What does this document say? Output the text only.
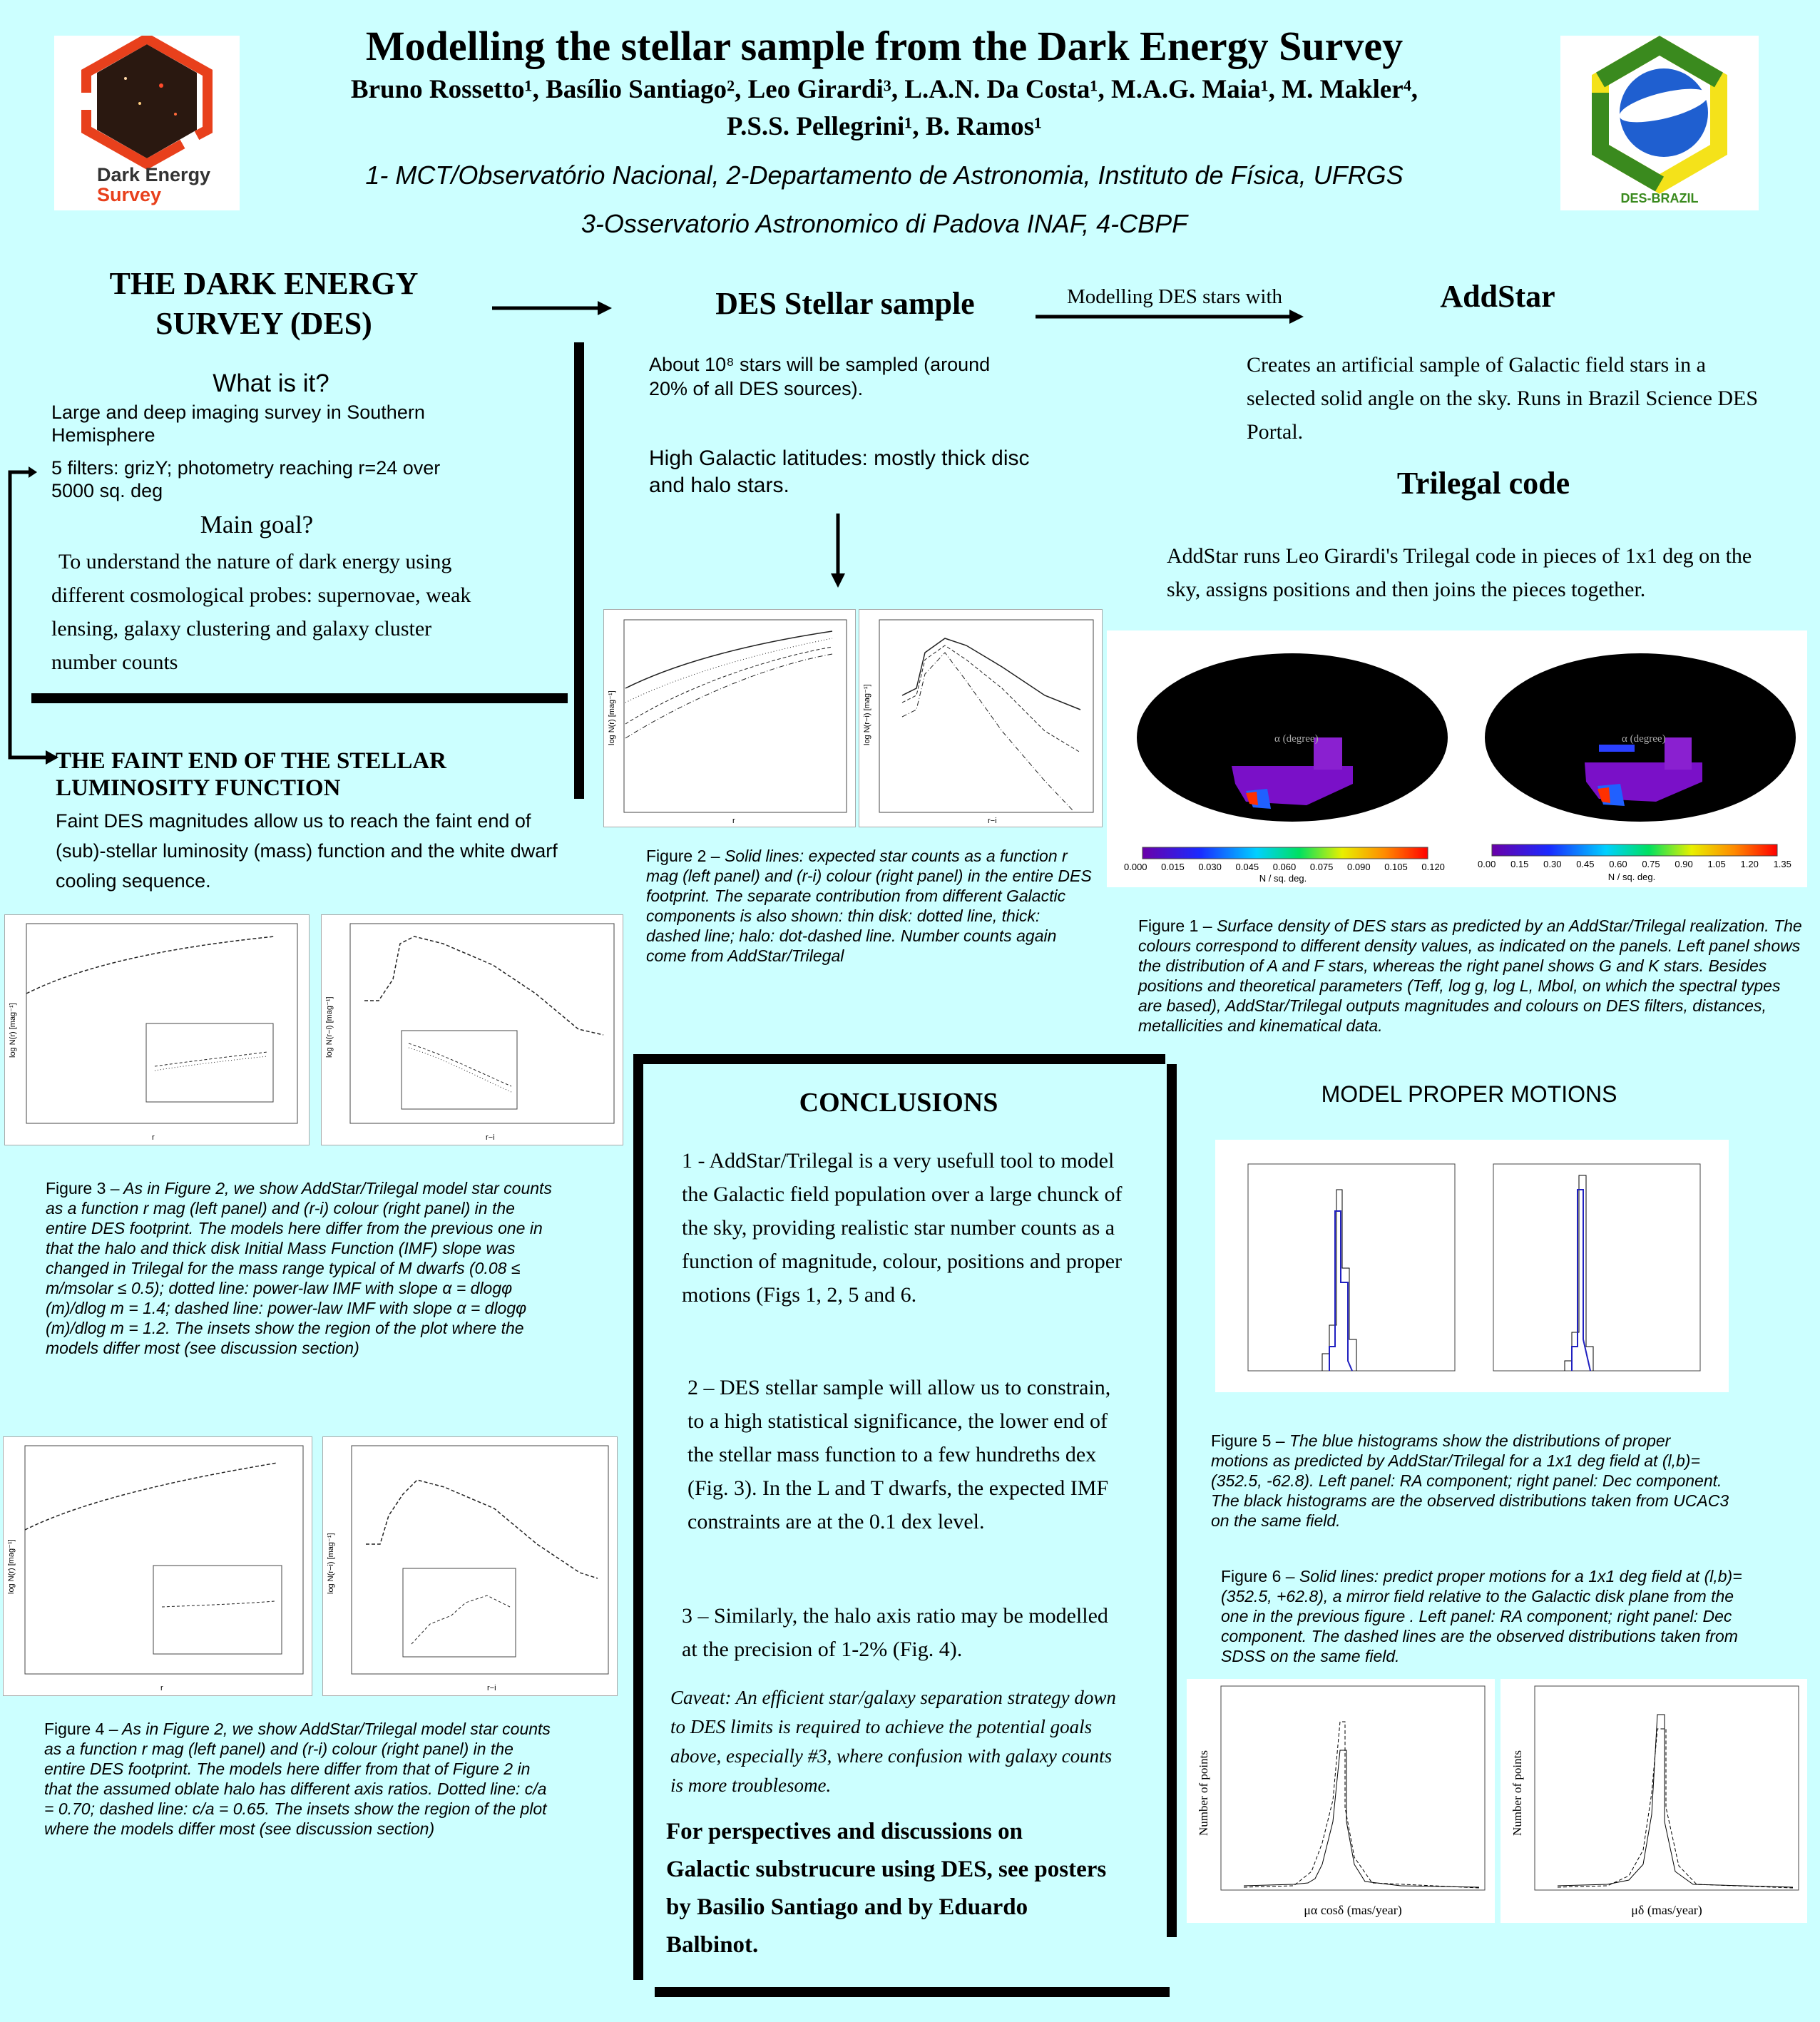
Modelling the stellar sample from the Dark Energy Survey
Bruno Rossetto¹, Basílio Santiago², Leo Girardi³, L.A.N. Da Costa¹, M.A.G. Maia¹, M. Makler⁴,
P.S.S. Pellegrini¹, B. Ramos¹
1- MCT/Observatório Nacional, 2-Departamento de Astronomia, Instituto de Física, UFRGS
3-Osservatorio Astronomico di Padova INAF, 4-CBPF
Dark Energy
Survey	DES-BRAZIL
THE DARK ENERGY SURVEY (DES)
What is it?
Large and deep imaging survey in Southern Hemisphere
5 filters: grizY; photometry reaching r=24 over 5000 sq. deg
Main goal?
To understand the nature of dark energy using different cosmological probes: supernovae, weak lensing, galaxy clustering and galaxy cluster number counts
THE FAINT END OF THE STELLAR LUMINOSITY FUNCTION
Faint DES magnitudes allow us to reach the faint end of (sub)-stellar luminosity (mass) function and the white dwarf cooling sequence.
log N(r) [mag⁻¹]
r
log N(r−i) [mag⁻¹]
r−i
Figure 3 – As in Figure 2, we show AddStar/Trilegal model star counts as a function r mag (left panel) and (r-i) colour (right panel) in the entire DES footprint. The models here differ from the previous one in that the halo and thick disk Initial Mass Function (IMF) slope was changed in Trilegal for the mass range typical of M dwarfs (0.08 ≤ m/msolar ≤ 0.5); dotted line: power-law IMF with slope α = dlogφ (m)/dlog m = 1.4; dashed line: power-law IMF with slope α = dlogφ (m)/dlog m = 1.2. The insets show the region of the plot where the models differ most (see discussion section)
log N(r) [mag⁻¹]
r
log N(r−i) [mag⁻¹]
r−i
Figure 4 – As in Figure 2, we show AddStar/Trilegal model star counts as a function r mag (left panel) and (r-i) colour (right panel) in the entire DES footprint. The models here differ from that of Figure 2 in that the assumed oblate halo has different axis ratios. Dotted line: c/a = 0.70; dashed line: c/a = 0.65. The insets show the region of the plot where the models differ most (see discussion section)
DES Stellar sample	Modelling DES stars with
About 10⁸ stars will be sampled (around 20% of all DES sources).
High Galactic latitudes: mostly thick disc and halo stars.
log N(r) [mag⁻¹]
r
log N(r−i) [mag⁻¹]
r−i
Figure 2 – Solid lines: expected star counts as a function r mag (left panel) and (r-i) colour (right panel) in the entire DES footprint. The separate contribution from different Galactic components is also shown: thin disk: dotted line, thick: dashed line; halo: dot-dashed line. Number counts again come from AddStar/Trilegal
CONCLUSIONS
1 - AddStar/Trilegal is a very usefull tool to model the Galactic field population over a large chunck of the sky, providing realistic star number counts as a function of magnitude, colour, positions and proper motions (Figs 1, 2, 5 and 6.
2 – DES stellar sample will allow us to constrain, to a high statistical significance, the lower end of the stellar mass function to a few hundreths dex (Fig. 3). In the L and T dwarfs, the expected IMF constraints are at the 0.1 dex level.
3 – Similarly, the halo axis ratio may be modelled at the precision of 1-2% (Fig. 4).
Caveat: An efficient star/galaxy separation strategy down to DES limits is required to achieve the potential goals above, especially #3, where confusion with galaxy counts is more troublesome.
For perspectives and discussions on Galactic substrucure using DES, see posters by Basilio Santiago and by Eduardo Balbinot.
AddStar
Creates an artificial sample of Galactic field stars in a selected solid angle on the sky. Runs in Brazil Science DES Portal.
Trilegal code
AddStar runs Leo Girardi's Trilegal code in pieces of 1x1 deg on the sky, assigns positions and then joins the pieces together.
α (degree)
0.000 0.015 0.030 0.045 0.060 0.075 0.090 0.105 0.120
N / sq. deg.
α (degree)
0.00 0.15 0.30 0.45 0.60 0.75 0.90 1.05 1.20 1.35
N / sq. deg.
Figure 1 – Surface density of DES stars as predicted by an AddStar/Trilegal realization. The colours correspond to different density values, as indicated on the panels. Left panel shows the distribution of A and F stars, whereas the right panel shows G and K stars. Besides positions and theoretical parameters (Teff, log g, log L, Mbol, on which the spectral types are based), AddStar/Trilegal outputs magnitudes and colours on DES filters, distances, metallicities and kinematical data.
MODEL PROPER MOTIONS
Figure 5 – The blue histograms show the distributions of proper motions as predicted by AddStar/Trilegal for a 1x1 deg field at (l,b)=(352.5, -62.8). Left panel: RA component; right panel: Dec component. The black histograms are the observed distributions taken from UCAC3 on the same field.
Figure 6 – Solid lines: predict proper motions for a 1x1 deg field at (l,b)=(352.5, +62.8), a mirror field relative to the Galactic disk plane from the one in the previous figure . Left panel: RA component; right panel: Dec component. The dashed lines are the observed distributions taken from SDSS on the same field.
Number of points
μα cosδ (mas/year)
Number of points
μδ (mas/year)
